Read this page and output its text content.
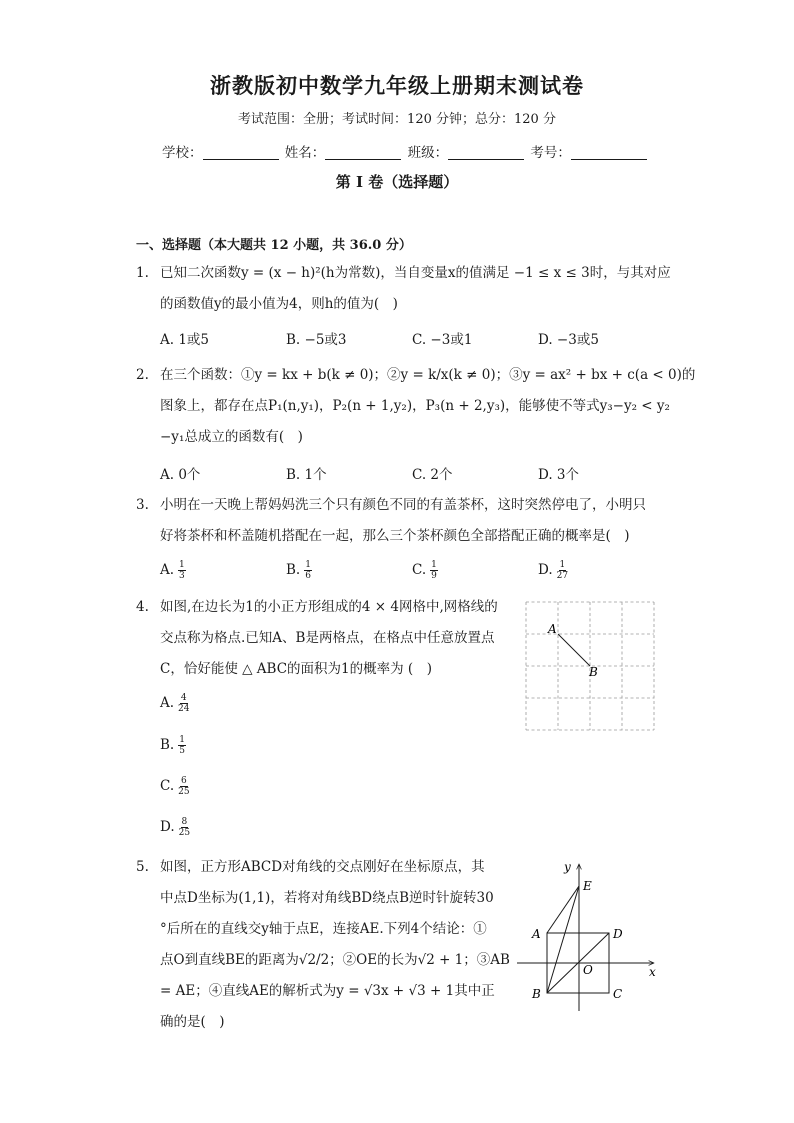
浙教版初中数学九年级上册期末测试卷
考试范围：全册；考试时间：120 分钟；总分：120 分
学校：	姓名：	班级：	考号：
第 I 卷（选择题）
一、选择题（本大题共 12 小题，共 36.0 分）
1. 已知二次函数y = (x − h)²(h为常数)，当自变量x的值满足 −1 ≤ x ≤ 3时，与其对应
的函数值y的最小值为4，则h的值为(　)
A. 1或5	B. −5或3	C. −3或1	D. −3或5
2. 在三个函数：①y = kx + b(k ≠ 0)；②y = k/x(k ≠ 0)；③y = ax² + bx + c(a < 0)的
图象上，都存在点P₁(n,y₁)，P₂(n + 1,y₂)，P₃(n + 2,y₃)，能够使不等式y₃−y₂ < y₂
−y₁总成立的函数有(　)
A. 0个	B. 1个	C. 2个	D. 3个
3. 小明在一天晚上帮妈妈洗三个只有颜色不同的有盖茶杯，这时突然停电了，小明只
好将茶杯和杯盖随机搭配在一起，那么三个茶杯颜色全部搭配正确的概率是(　)
A. $\frac{1}{3}$	B. $\frac{1}{6}$	C. $\frac{1}{9}$	D. $\frac{1}{27}$
4. 如图,在边长为1的小正方形组成的4 × 4网格中,网格线的
交点称为格点.已知A、B是两格点，在格点中任意放置点
C，恰好能使 △ ABC的面积为1的概率为 (　)
A. $\frac{4}{24}$
B. $\frac{1}{5}$
C. $\frac{6}{25}$
D. $\frac{8}{25}$
A
B
5. 如图，正方形ABCD对角线的交点刚好在坐标原点，其
中点D坐标为(1,1)，若将对角线BD绕点B逆时针旋转30
°后所在的直线交y轴于点E，连接AE.下列4个结论：①
点O到直线BE的距离为√2/2；②OE的长为√2 + 1；③AB
= AE；④直线AE的解析式为y = √3x + √3 + 1其中正
确的是(　)
y
E
A	D
O	x
B	C
